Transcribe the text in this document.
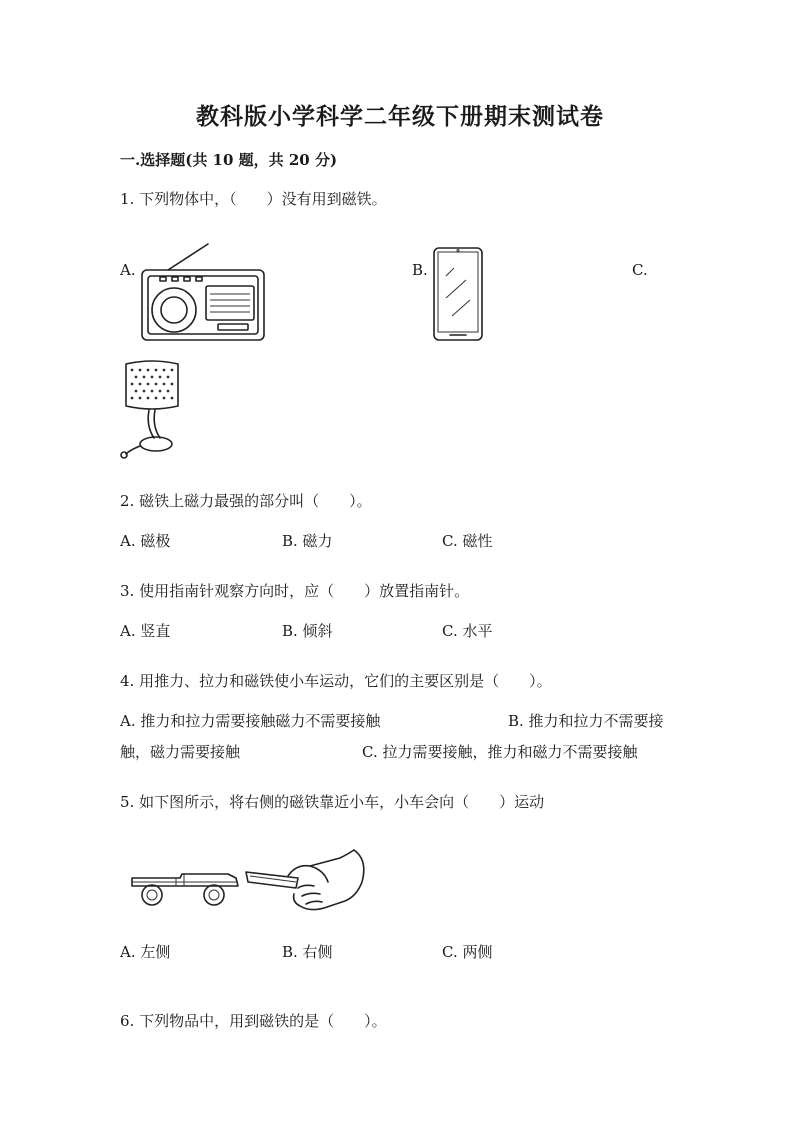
教科版小学科学二年级下册期末测试卷
一.选择题(共 10 题，共 20 分)
1. 下列物体中，（　　）没有用到磁铁。
A.	B.	C.
2. 磁铁上磁力最强的部分叫（　　）。
A. 磁极	B. 磁力	C. 磁性
3. 使用指南针观察方向时，应（　　）放置指南针。
A. 竖直	B. 倾斜	C. 水平
4. 用推力、拉力和磁铁使小车运动，它们的主要区别是（　　）。
A. 推力和拉力需要接触磁力不需要接触	B. 推力和拉力不需要接
触，磁力需要接触	C. 拉力需要接触，推力和磁力不需要接触
5. 如下图所示，将右侧的磁铁靠近小车，小车会向（　　）运动
A. 左侧	B. 右侧	C. 两侧
6. 下列物品中，用到磁铁的是（　　）。
